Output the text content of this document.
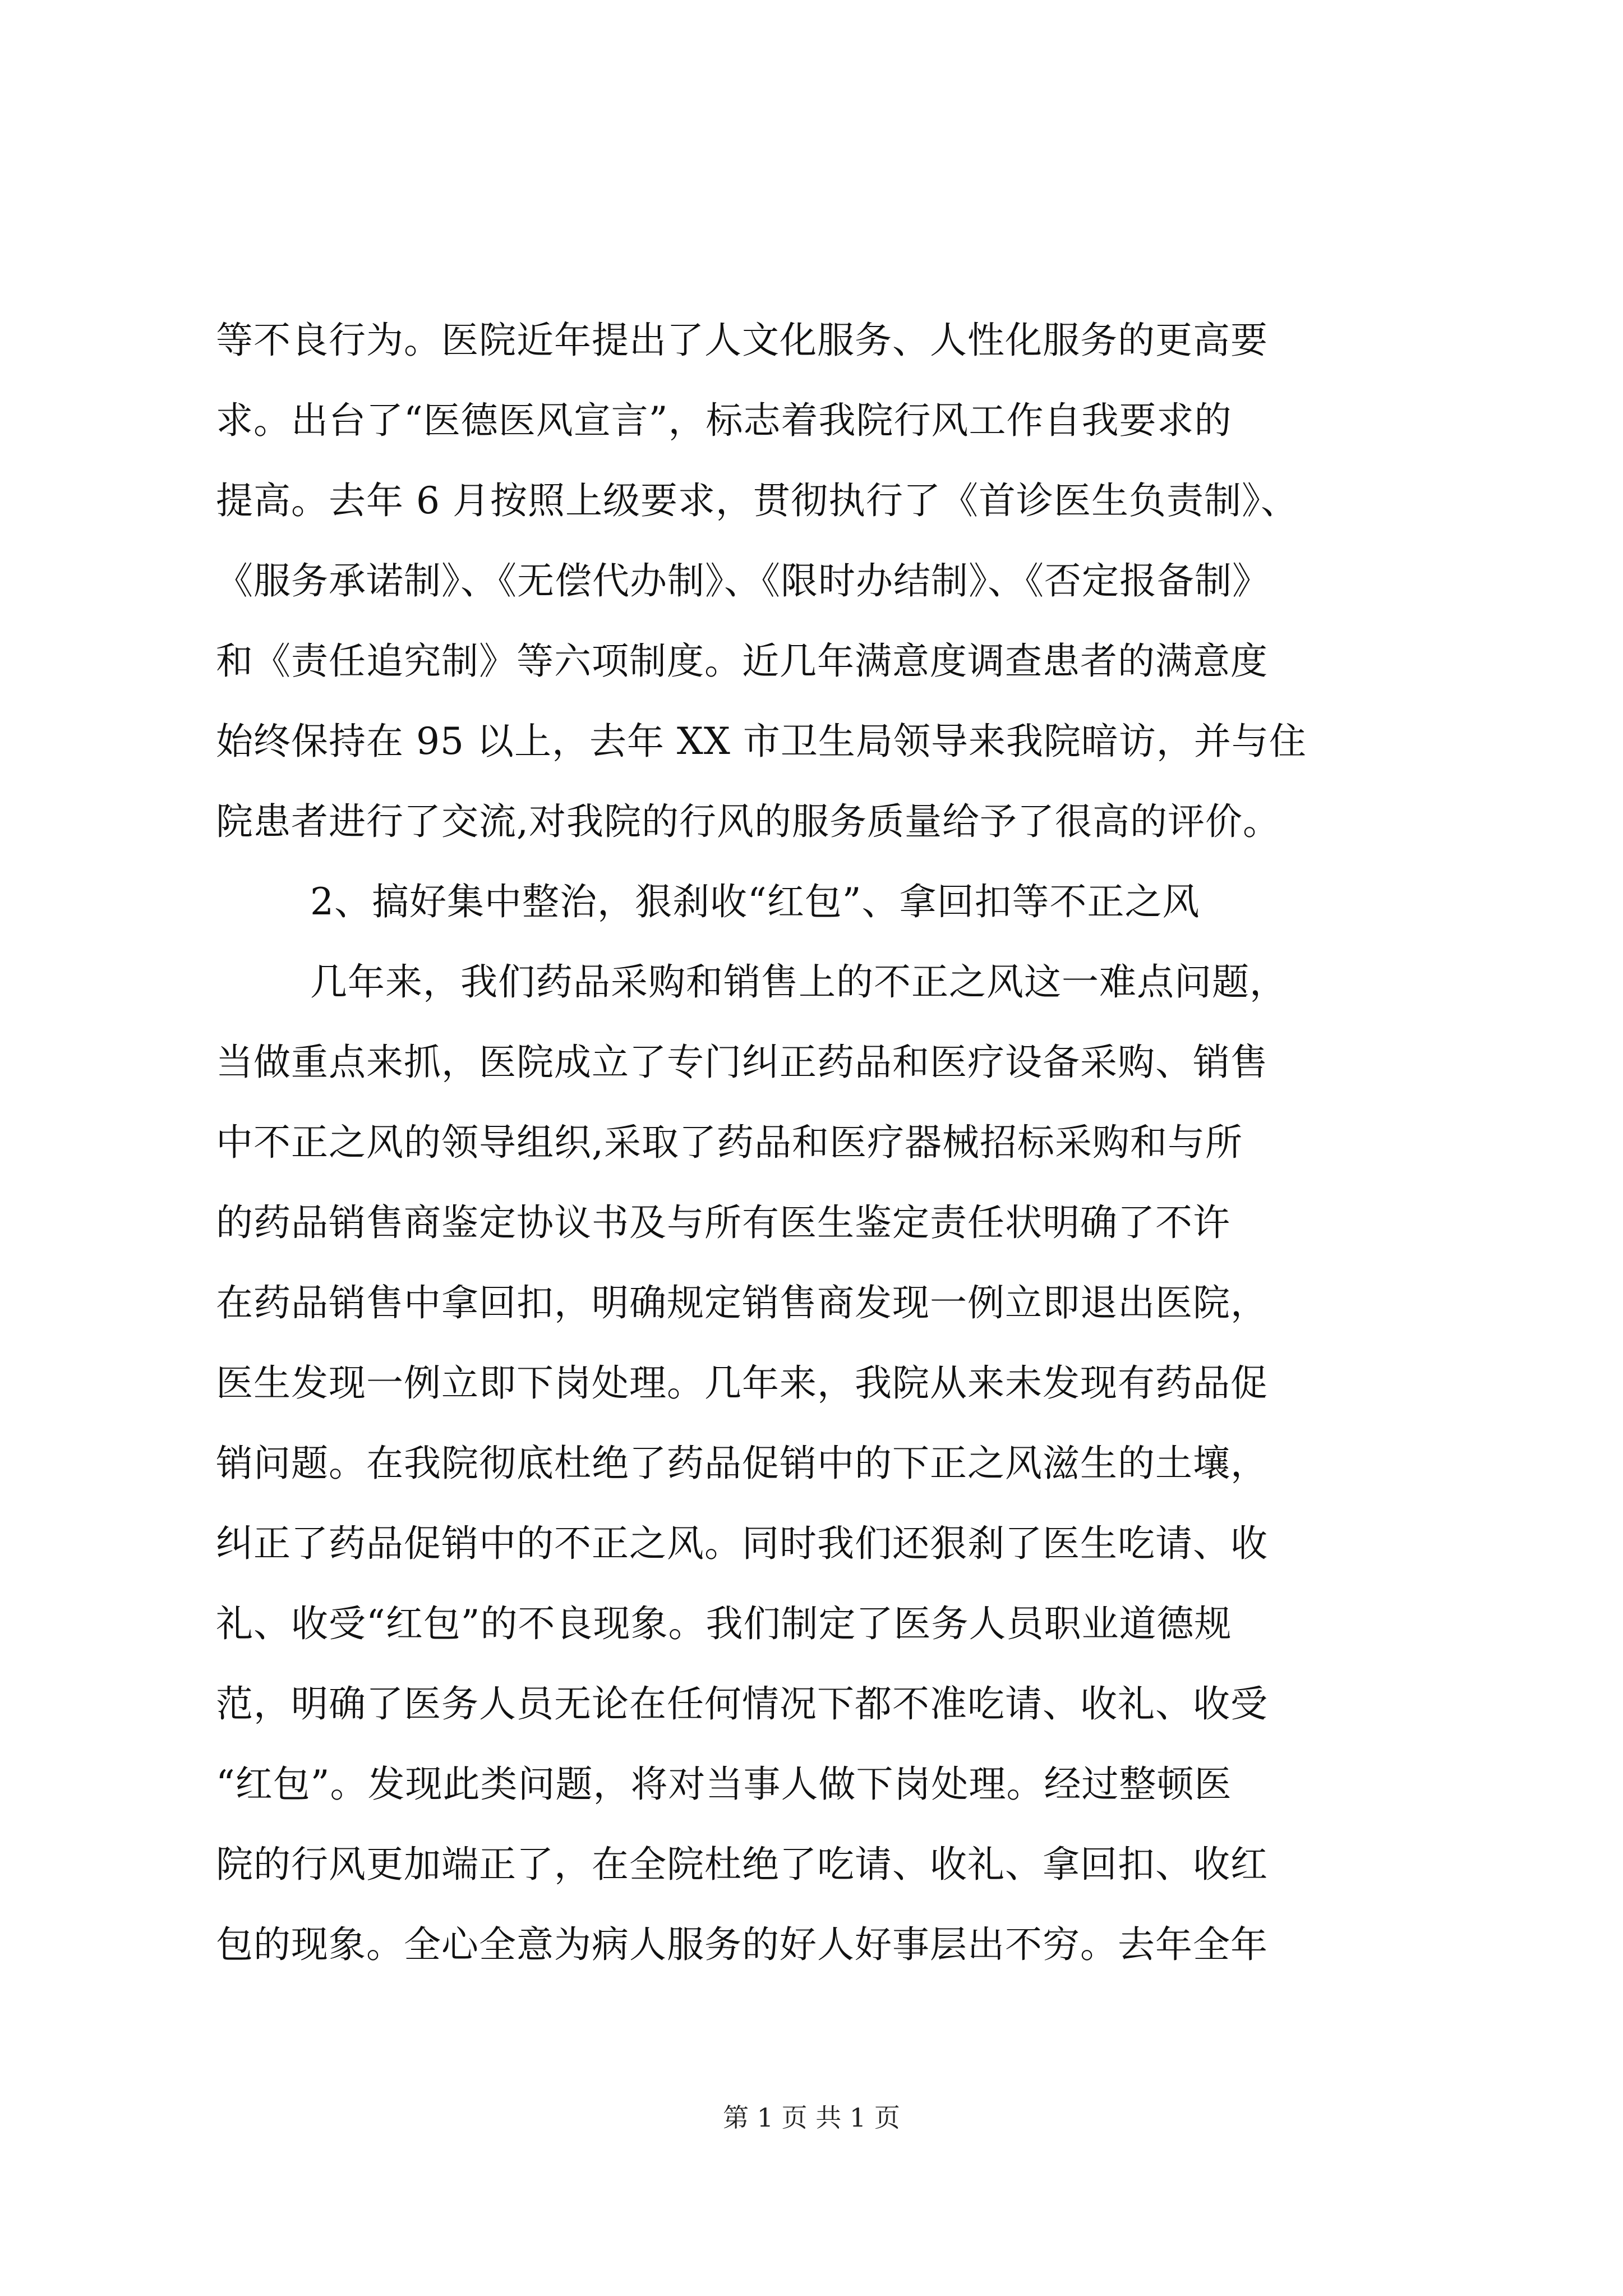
等不良行为。医院近年提出了人文化服务、人性化服务的更高要
求。出台了“医德医风宣言”，标志着我院行风工作自我要求的
提高。去年 6 月按照上级要求，贯彻执行了《首诊医生负责制》、
《服务承诺制》、《无偿代办制》、《限时办结制》、《否定报备制》
和《责任追究制》等六项制度。近几年满意度调查患者的满意度
始终保持在 95 以上，去年 XX 市卫生局领导来我院暗访，并与住
院患者进行了交流,对我院的行风的服务质量给予了很高的评价。
2、搞好集中整治，狠刹收“红包”、拿回扣等不正之风
几年来，我们药品采购和销售上的不正之风这一难点问题，
当做重点来抓，医院成立了专门纠正药品和医疗设备采购、销售
中不正之风的领导组织,采取了药品和医疗器械招标采购和与所
的药品销售商鉴定协议书及与所有医生鉴定责任状明确了不许
在药品销售中拿回扣，明确规定销售商发现一例立即退出医院，
医生发现一例立即下岗处理。几年来，我院从来未发现有药品促
销问题。在我院彻底杜绝了药品促销中的下正之风滋生的土壤，
纠正了药品促销中的不正之风。同时我们还狠刹了医生吃请、收
礼、收受“红包”的不良现象。我们制定了医务人员职业道德规
范，明确了医务人员无论在任何情况下都不准吃请、收礼、收受
“红包”。发现此类问题，将对当事人做下岗处理。经过整顿医
院的行风更加端正了，在全院杜绝了吃请、收礼、拿回扣、收红
包的现象。全心全意为病人服务的好人好事层出不穷。去年全年
第 1 页 共 1 页
